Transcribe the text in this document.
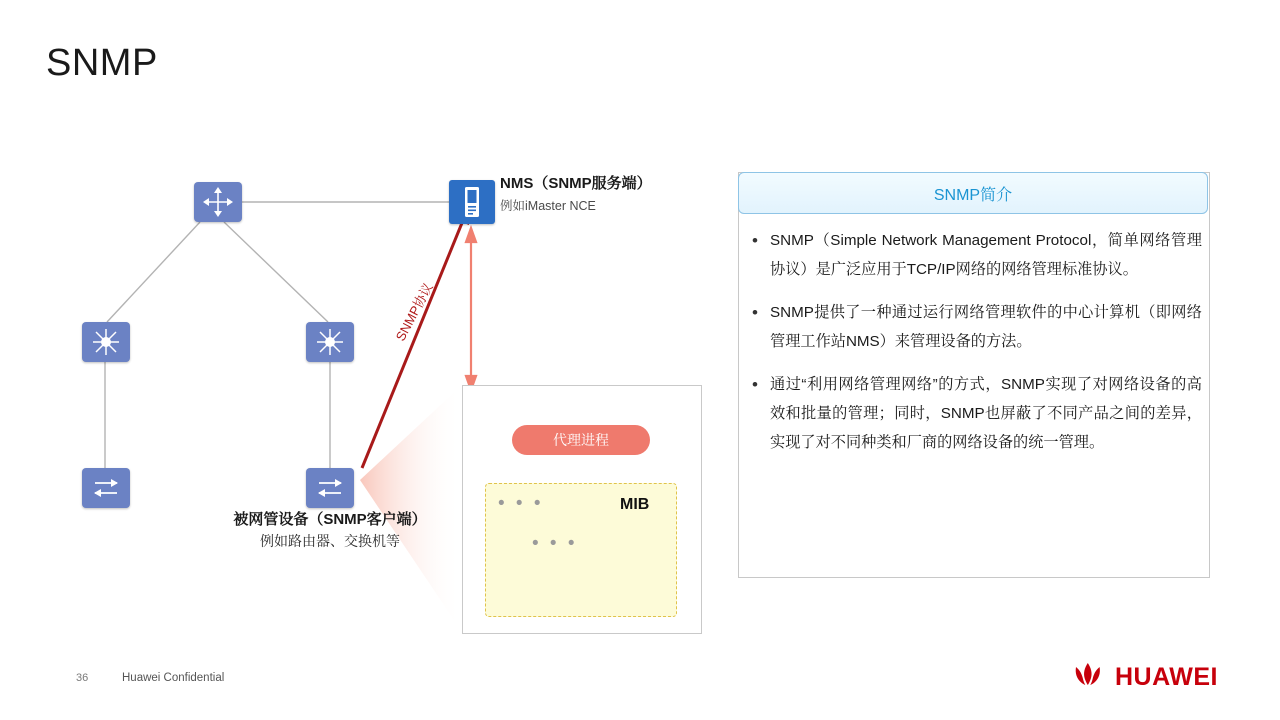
SNMP
NMS（SNMP服务端）
例如iMaster NCE
SNMP协议
被网管设备（SNMP客户端）
例如路由器、交换机等
代理进程
MIB
• • •
• • •
SNMP简介
• SNMP（Simple Network Management Protocol，简单网络管理协议）是广泛应用于TCP/IP网络的网络管理标准协议。
• SNMP提供了一种通过运行网络管理软件的中心计算机（即网络管理工作站NMS）来管理设备的方法。
• 通过“利用网络管理网络”的方式，SNMP实现了对网络设备的高效和批量的管理；同时，SNMP也屏蔽了不同产品之间的差异，实现了对不同种类和厂商的网络设备的统一管理。
36	Huawei Confidential	HUAWEI
